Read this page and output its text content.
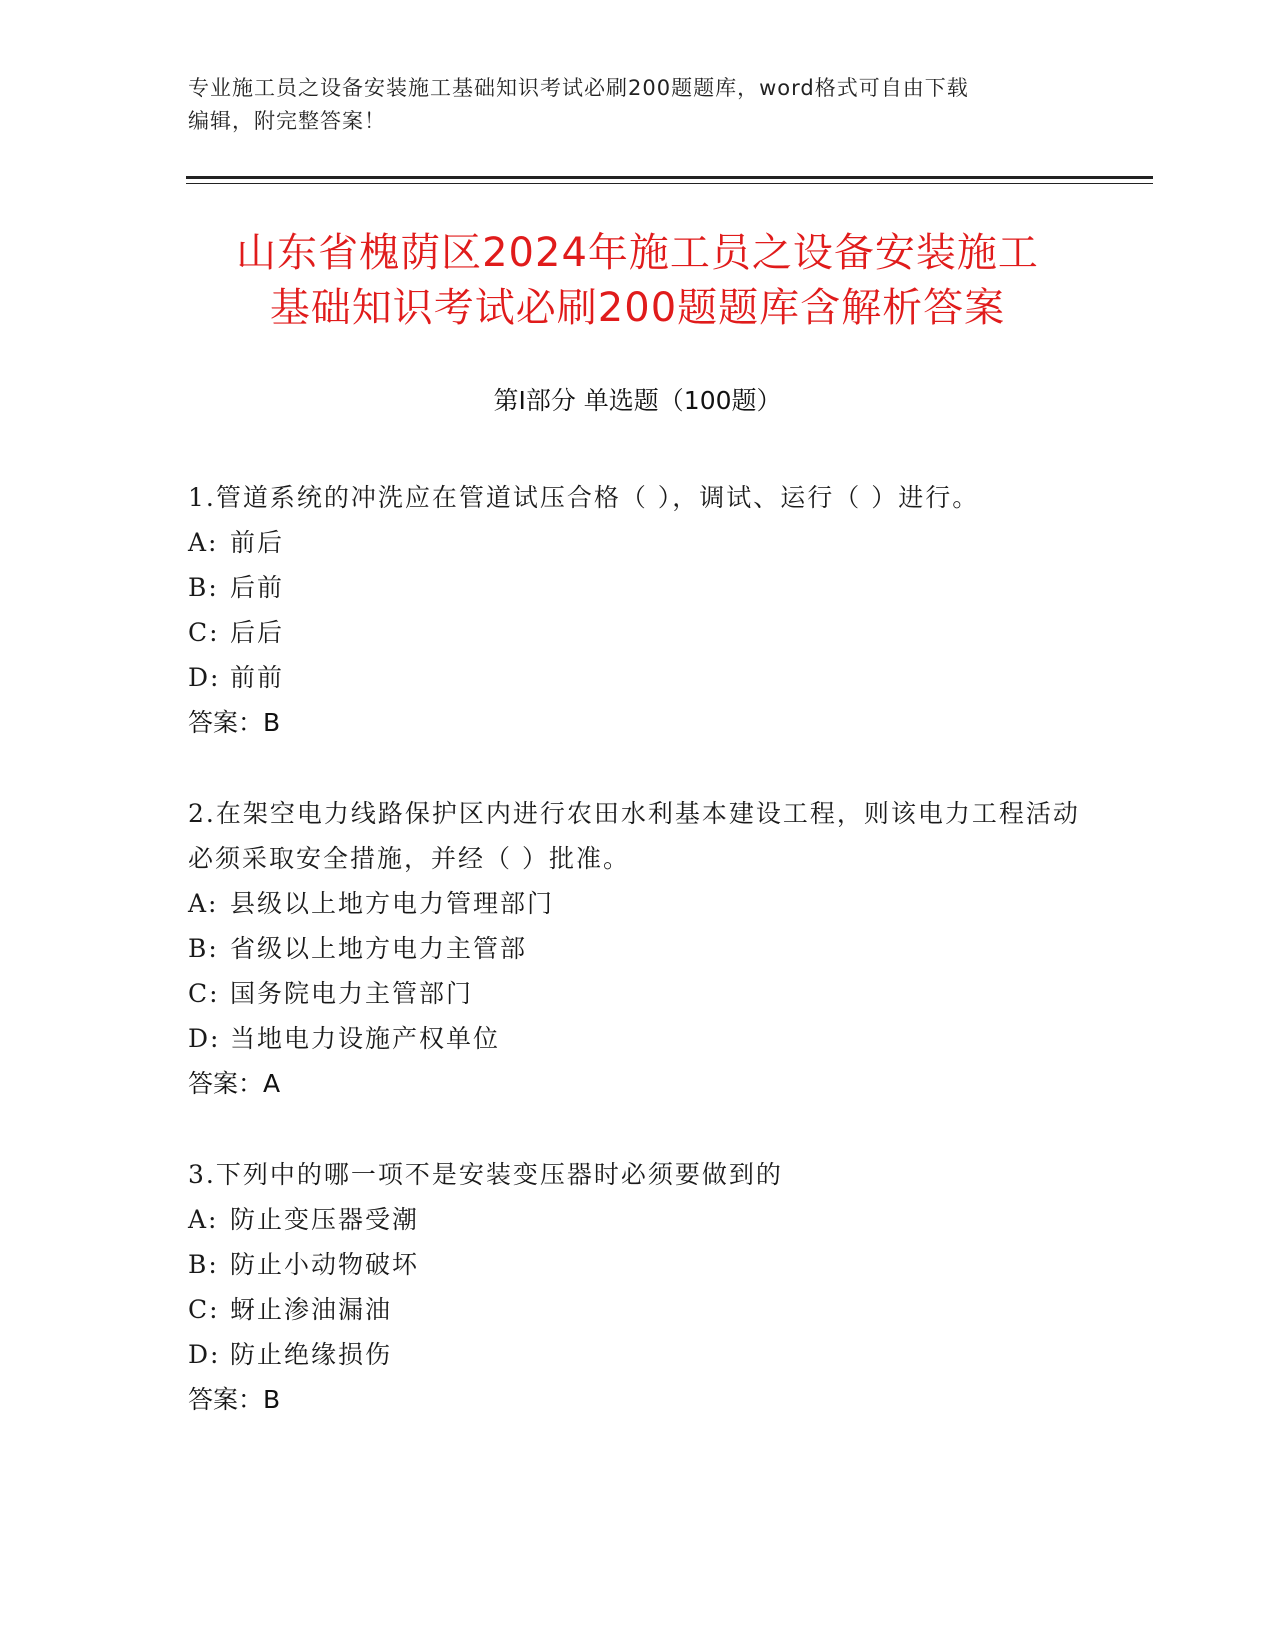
专业施工员之设备安装施工基础知识考试必刷200题题库，word格式可自由下载
编辑，附完整答案！
山东省槐荫区2024年施工员之设备安装施工
基础知识考试必刷200题题库含解析答案
第Ⅰ部分 单选题（100题）

1.管道系统的冲洗应在管道试压合格（ ），调试、运行（ ）进行。

A: 前后

B: 后前

C: 后后

D: 前前

答案：B

2.在架空电力线路保护区内进行农田水利基本建设工程，则该电力工程活动必须采取安全措施，并经（ ）批准。

A: 县级以上地方电力管理部门

B: 省级以上地方电力主管部

C: 国务院电力主管部门

D: 当地电力设施产权单位

答案：A

3.下列中的哪一项不是安装变压器时必须要做到的

A: 防止变压器受潮

B: 防止小动物破坏

C: 蚜止渗油漏油

D: 防止绝缘损伤

答案：B
